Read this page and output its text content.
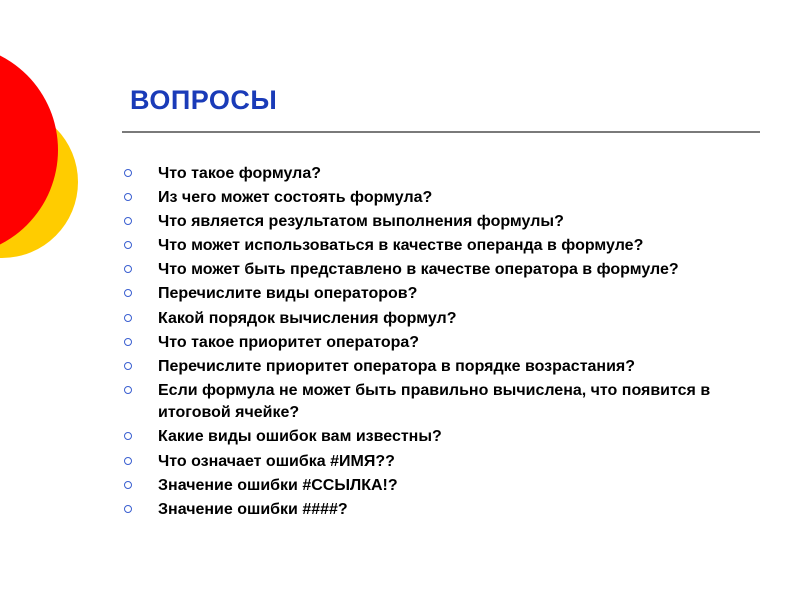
ВОПРОСЫ
Что такое формула?
Из чего может состоять формула?
Что является результатом выполнения формулы?
Что может использоваться в качестве операнда в формуле?
Что может быть представлено в качестве оператора в формуле?
Перечислите виды операторов?
Какой порядок вычисления формул?
Что такое приоритет оператора?
Перечислите приоритет оператора в порядке возрастания?
Если формула не может быть правильно вычислена, что появится в итоговой ячейке?
Какие виды ошибок вам известны?
Что означает ошибка #ИМЯ??
Значение ошибки #ССЫЛКА!?
Значение ошибки ####?
